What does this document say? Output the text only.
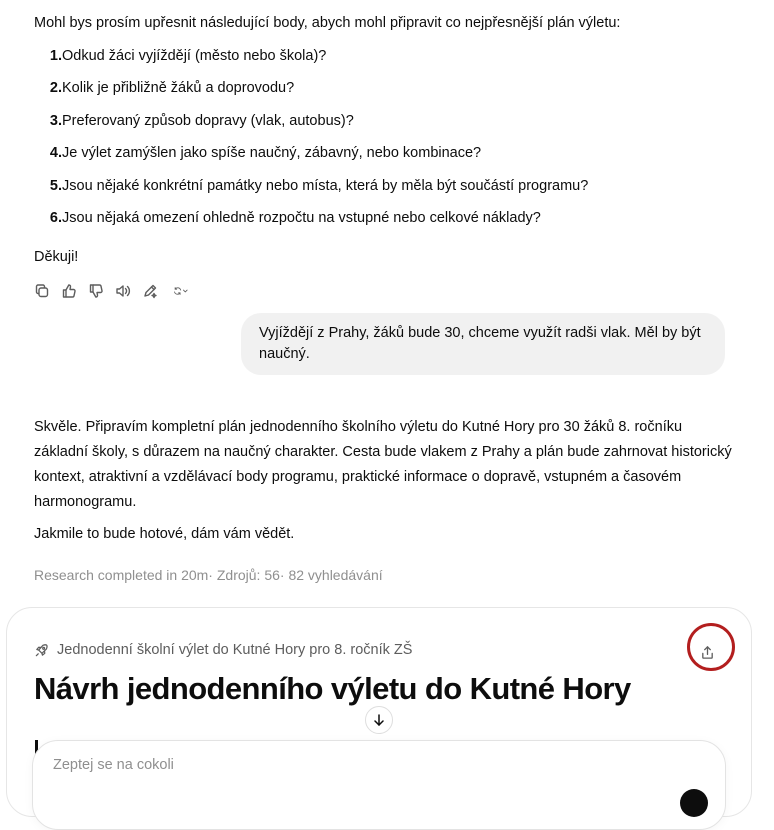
Mohl bys prosím upřesnit následující body, abych mohl připravit co nejpřesnější plán výletu:
1. Odkud žáci vyjíždějí (město nebo škola)?
2. Kolik je přibližně žáků a doprovodu?
3. Preferovaný způsob dopravy (vlak, autobus)?
4. Je výlet zamýšlen jako spíše naučný, zábavný, nebo kombinace?
5. Jsou nějaké konkrétní památky nebo místa, která by měla být součástí programu?
6. Jsou nějaká omezení ohledně rozpočtu na vstupné nebo celkové náklady?
Děkuji!
Vyjíždějí z Prahy, žáků bude 30, chceme využít radši vlak. Měl by být naučný.

Skvěle. Připravím kompletní plán jednodenního školního výletu do Kutné Hory pro 30 žáků 8. ročníku základní školy, s důrazem na naučný charakter. Cesta bude vlakem z Prahy a plán bude zahrnovat historický kontext, atraktivní a vzdělávací body programu, praktické informace o dopravě, vstupném a časovém harmonogramu.

Jakmile to bude hotové, dám vám vědět.
Research completed in 20m· Zdrojů: 56· 82 vyhledávání
Jednodenní školní výlet do Kutné Hory pro 8. ročník ZŠ
Návrh jednodenního výletu do Kutné Hory
Zeptej se na cokoli
